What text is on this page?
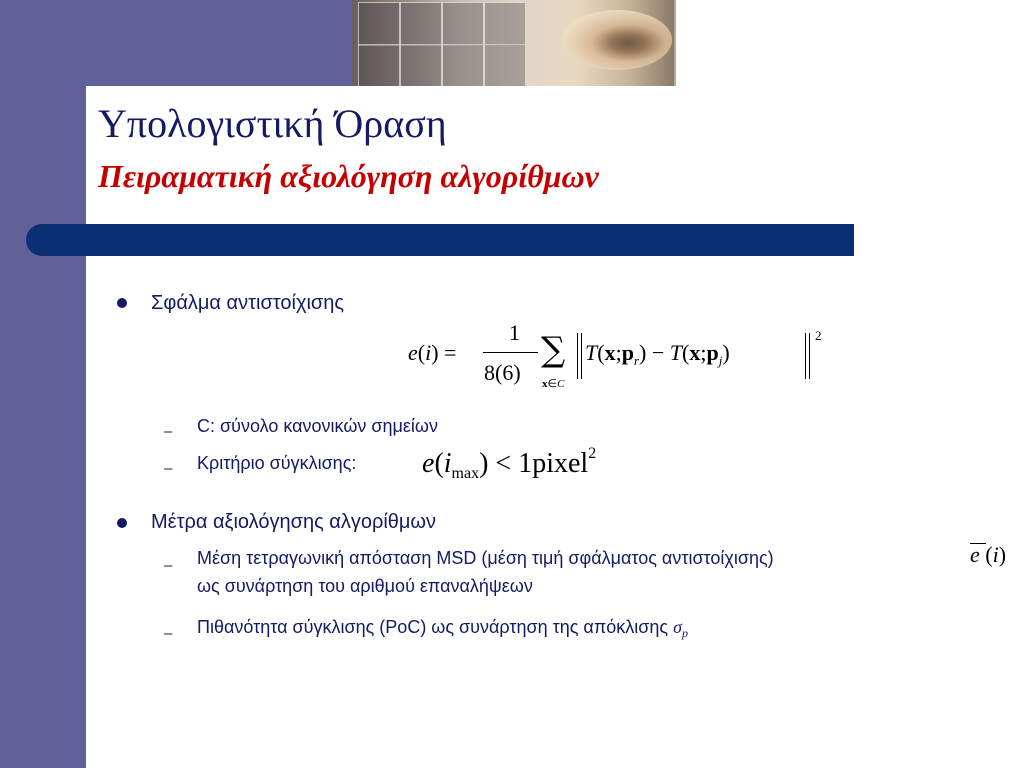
Υπολογιστική Όραση
Πειραματική αξιολόγηση αλγορίθμων
Σφάλμα αντιστοίχισης
e(i) =
1
8(6)
∑
x∈C
‖ $T(x;p_r)$ − $T(x;p_j)$	‖ 2
– C: σύνολο κανονικών σημείων
– Κριτήριο σύγκλισης: $e(i_{max})$ < 1pixel$^2$
Μέτρα αξιολόγησης αλγορίθμων
– Μέση τετραγωνική απόσταση MSD (μέση τιμή σφάλματος αντιστοίχισης)
ως συνάρτηση του αριθμού επαναλήψεων
e (i)
– Πιθανότητα σύγκλισης (PoC) ως συνάρτηση της απόκλισης $\sigma_p$
